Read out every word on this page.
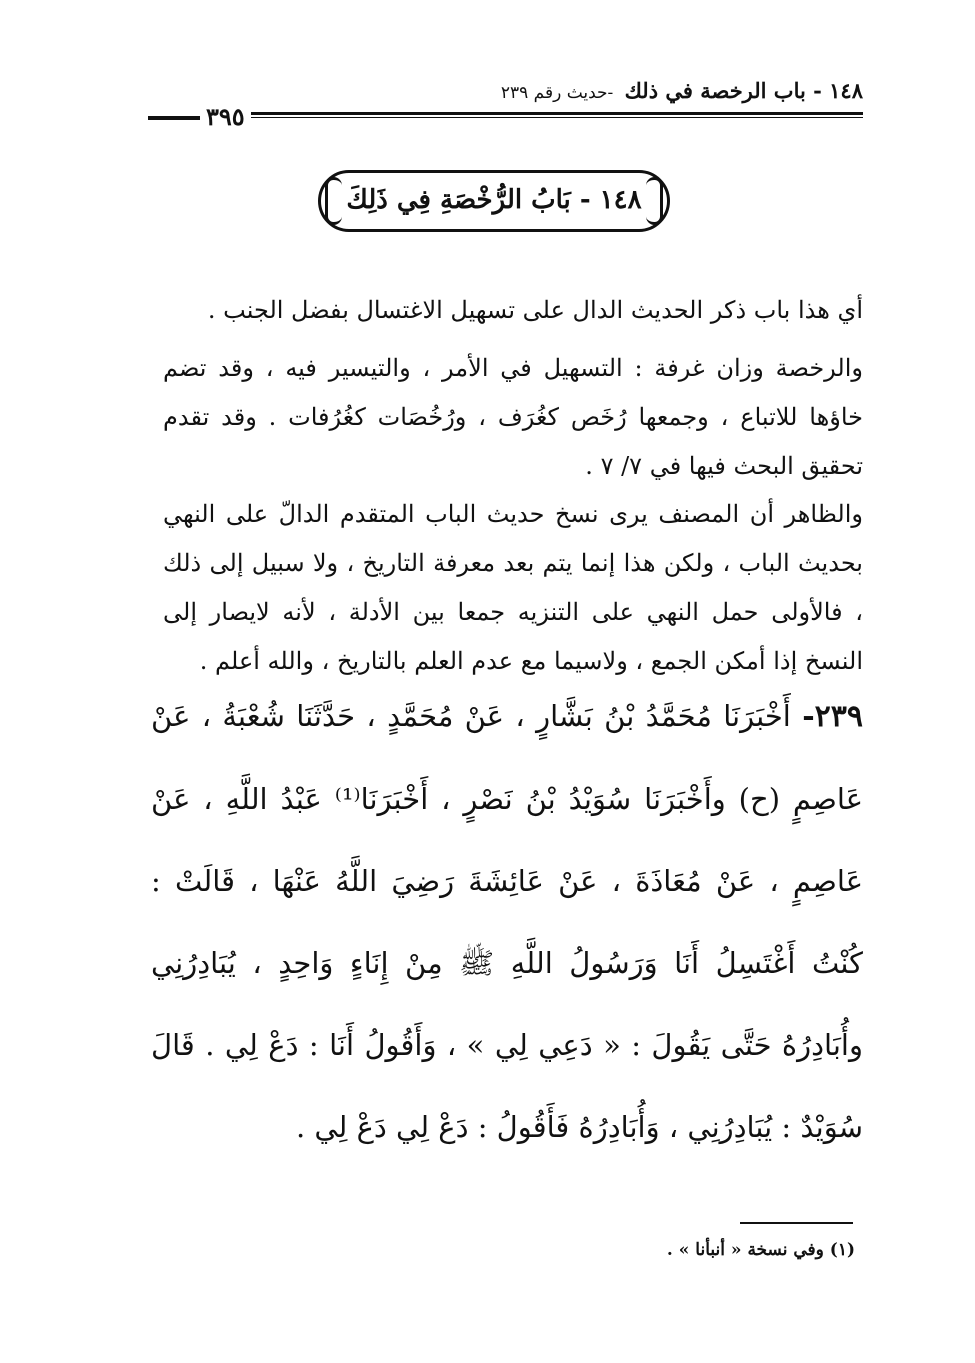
١٤٨ - باب الرخصة في ذلك -حديث رقم ٢٣٩
٣٩٥
١٤٨ - بَابُ الرُّخْصَةِ فِي ذَلِكَ

أي هذا باب ذكر الحديث الدال على تسهيل الاغتسال بفضل الجنب .

والرخصة وزان غرفة : التسهيل في الأمر ، والتيسير فيه ، وقد تضم خاؤها للاتباع ، وجمعها رُخَص كغُرَف ، ورُخُصَات كغُرُفات . وقد تقدم تحقيق البحث فيها في ٧/ ٧ .

والظاهر أن المصنف يرى نسخ حديث الباب المتقدم الدالّ على النهي بحديث الباب ، ولكن هذا إنما يتم بعد معرفة التاريخ ، ولا سبيل إلى ذلك ، فالأولى حمل النهي على التنزيه جمعا بين الأدلة ، لأنه لايصار إلى النسخ إذا أمكن الجمع ، ولاسيما مع عدم العلم بالتاريخ ، والله أعلم .

٢٣٩- أَخْبَرَنَا مُحَمَّدُ بْنُ بَشَّارٍ ، عَنْ مُحَمَّدٍ ، حَدَّثَنَا شُعْبَةُ ، عَنْ عَاصِمٍ (ح) وأَخْبَرَنَا سُوَيْدُ بْنُ نَصْرٍ ، أَخْبَرَنَا⁽¹⁾ عَبْدُ اللَّهِ ، عَنْ عَاصِمٍ ، عَنْ مُعَاذَةَ ، عَنْ عَائِشَةَ رَضِيَ اللَّهُ عَنْهَا ، قَالَتْ : كُنْتُ أَغْتَسِلُ أَنَا وَرَسُولُ اللَّهِ ﷺ مِنْ إِنَاءٍ وَاحِدٍ ، يُبَادِرُنِي وأُبَادِرُهُ حَتَّى يَقُولَ : « دَعِي لِي » ، وَأَقُولُ أَنَا : دَعْ لِي . قَالَ سُوَيْدٌ : يُبَادِرُنِي ، وَأُبَادِرُهُ فَأَقُولُ : دَعْ لِي دَعْ لِي .
(١) وفي نسخة « أنبأنا » .
